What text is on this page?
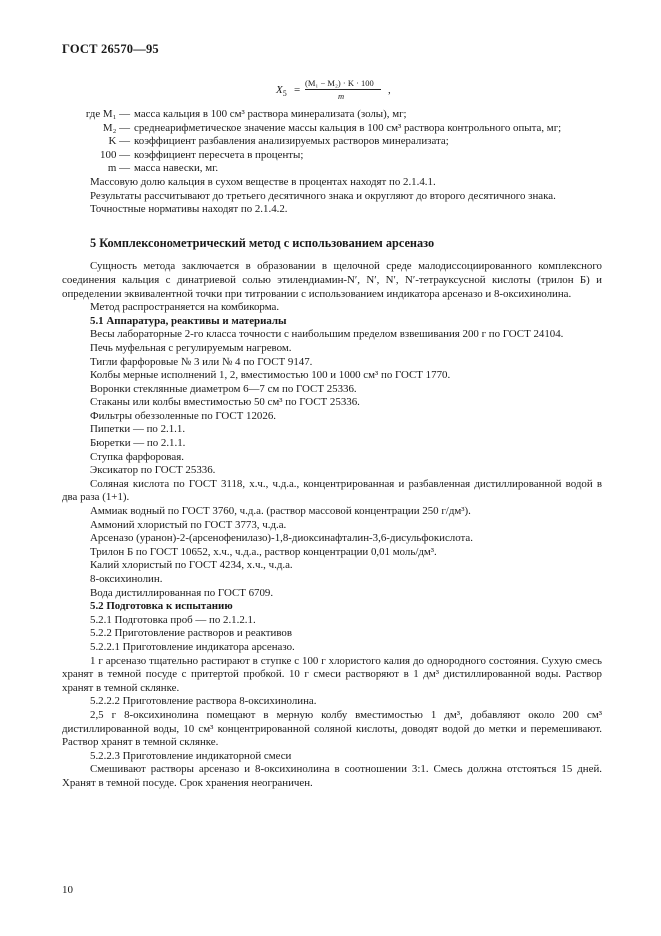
ГОСТ 26570—95
$X_5$ =
(M₁ − M₂) · K · 100
m	,
где M₁ — масса кальция в 100 см³ раствора минерализата (золы), мг;
M₂ — среднеарифметическое значение массы кальция в 100 см³ раствора контрольного опыта, мг;
K — коэффициент разбавления анализируемых растворов минерализата;
100 — коэффициент пересчета в проценты;
m — масса навески, мг.

Массовую долю кальция в сухом веществе в процентах находят по 2.1.4.1.

Результаты рассчитывают до третьего десятичного знака и округляют до второго десятичного знака.

Точностные нормативы находят по 2.1.4.2.

5 Комплексонометрический метод с использованием арсеназо

Сущность метода заключается в образовании в щелочной среде малодиссоциированного комплексного соединения кальция с динатриевой солью этилендиамин-N′, N′, N′, N′-тетрауксусной кислоты (трилон Б) и определении эквивалентной точки при титровании с использованием индикатора арсеназо и 8-оксихинолина.

Метод распространяется на комбикорма.

5.1 Аппаратура, реактивы и материалы

Весы лабораторные 2-го класса точности с наибольшим пределом взвешивания 200 г по ГОСТ 24104.

Печь муфельная с регулируемым нагревом.

Тигли фарфоровые № 3 или № 4 по ГОСТ 9147.

Колбы мерные исполнений 1, 2, вместимостью 100 и 1000 см³ по ГОСТ 1770.

Воронки стеклянные диаметром 6—7 см по ГОСТ 25336.

Стаканы или колбы вместимостью 50 см³ по ГОСТ 25336.

Фильтры обеззоленные по ГОСТ 12026.

Пипетки — по 2.1.1.

Бюретки — по 2.1.1.

Ступка фарфоровая.

Эксикатор по ГОСТ 25336.

Соляная кислота по ГОСТ 3118, х.ч., ч.д.а., концентрированная и разбавленная дистиллированной водой в два раза (1+1).

Аммиак водный по ГОСТ 3760, ч.д.а. (раствор массовой концентрации 250 г/дм³).

Аммоний хлористый по ГОСТ 3773, ч.д.а.

Арсеназо (уранон)-2-(арсенофенилазо)-1,8-диоксинафталин-3,6-дисульфокислота.

Трилон Б по ГОСТ 10652, х.ч., ч.д.а., раствор концентрации 0,01 моль/дм³.

Калий хлористый по ГОСТ 4234, х.ч., ч.д.а.

8-оксихинолин.

Вода дистиллированная по ГОСТ 6709.

5.2 Подготовка к испытанию

5.2.1 Подготовка проб — по 2.1.2.1.

5.2.2 Приготовление растворов и реактивов

5.2.2.1 Приготовление индикатора арсеназо.

1 г арсеназо тщательно растирают в ступке с 100 г хлористого калия до однородного состояния. Сухую смесь хранят в темной посуде с притертой пробкой. 10 г смеси растворяют в 1 дм³ дистиллированной воды. Раствор хранят в темной склянке.

5.2.2.2 Приготовление раствора 8-оксихинолина.

2,5 г 8-оксихинолина помещают в мерную колбу вместимостью 1 дм³, добавляют около 200 см³ дистиллированной воды, 10 см³ концентрированной соляной кислоты, доводят водой до метки и перемешивают. Раствор хранят в темной склянке.

5.2.2.3 Приготовление индикаторной смеси

Смешивают растворы арсеназо и 8-оксихинолина в соотношении 3:1. Смесь должна отстояться 15 дней. Хранят в темной посуде. Срок хранения неограничен.

10
